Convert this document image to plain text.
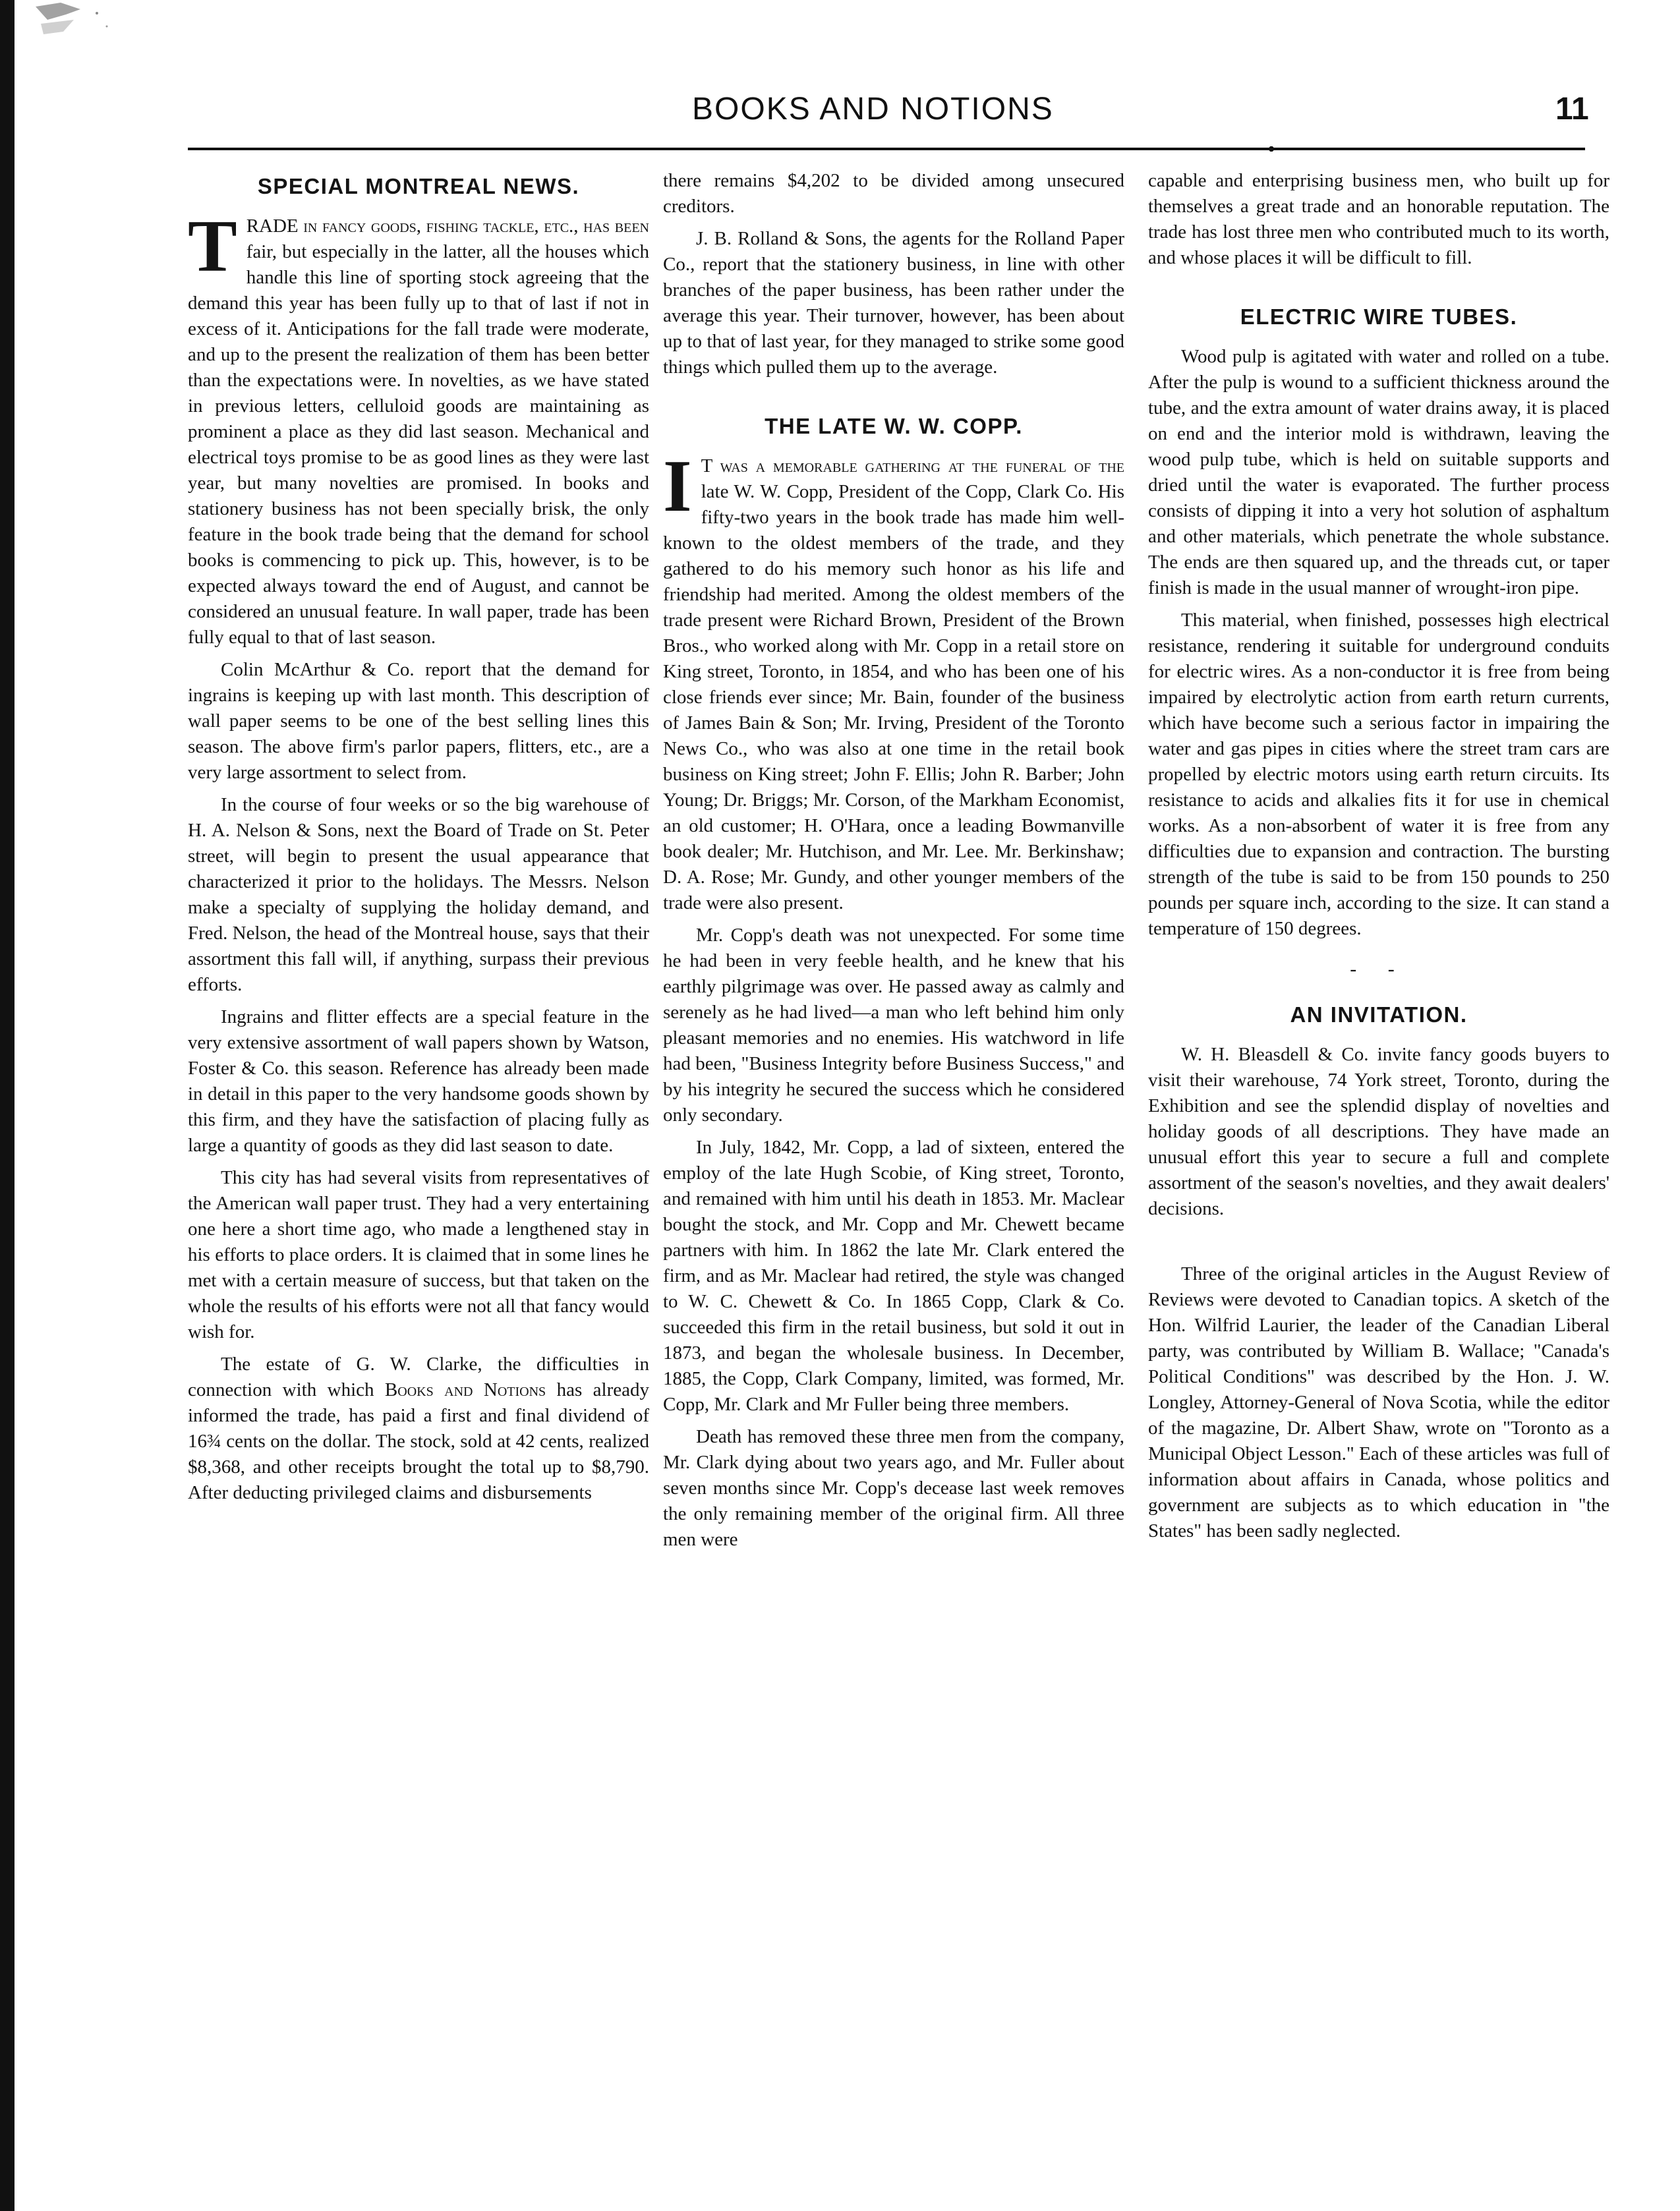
BOOKS AND NOTIONS	11
SPECIAL MONTREAL NEWS.

TRADE in fancy goods, fishing tackle, etc., has been fair, but especially in the latter, all the houses which handle this line of sporting stock agreeing that the demand this year has been fully up to that of last if not in excess of it. Anticipations for the fall trade were moderate, and up to the present the realization of them has been better than the expectations were. In novelties, as we have stated in previous letters, celluloid goods are maintaining as prominent a place as they did last season. Mechanical and electrical toys promise to be as good lines as they were last year, but many novelties are promised. In books and stationery business has not been specially brisk, the only feature in the book trade being that the demand for school books is commencing to pick up. This, however, is to be expected always toward the end of August, and cannot be considered an unusual feature. In wall paper, trade has been fully equal to that of last season.

Colin McArthur & Co. report that the demand for ingrains is keeping up with last month. This description of wall paper seems to be one of the best selling lines this season. The above firm's parlor papers, flitters, etc., are a very large assortment to select from.

In the course of four weeks or so the big warehouse of H. A. Nelson & Sons, next the Board of Trade on St. Peter street, will begin to present the usual appearance that characterized it prior to the holidays. The Messrs. Nelson make a specialty of supplying the holiday demand, and Fred. Nelson, the head of the Montreal house, says that their assortment this fall will, if anything, surpass their previous efforts.

Ingrains and flitter effects are a special feature in the very extensive assortment of wall papers shown by Watson, Foster & Co. this season. Reference has already been made in detail in this paper to the very handsome goods shown by this firm, and they have the satisfaction of placing fully as large a quantity of goods as they did last season to date.

This city has had several visits from representatives of the American wall paper trust. They had a very entertaining one here a short time ago, who made a lengthened stay in his efforts to place orders. It is claimed that in some lines he met with a certain measure of success, but that taken on the whole the results of his efforts were not all that fancy would wish for.

The estate of G. W. Clarke, the difficulties in connection with which Books and Notions has already informed the trade, has paid a first and final dividend of 16¾ cents on the dollar. The stock, sold at 42 cents, realized $8,368, and other receipts brought the total up to $8,790. After deducting privileged claims and disbursements

there remains $4,202 to be divided among unsecured creditors.

J. B. Rolland & Sons, the agents for the Rolland Paper Co., report that the stationery business, in line with other branches of the paper business, has been rather under the average this year. Their turnover, however, has been about up to that of last year, for they managed to strike some good things which pulled them up to the average.

THE LATE W. W. COPP.

I T was a memorable gathering at the funeral of the late W. W. Copp, President of the Copp, Clark Co. His fifty-two years in the book trade has made him well-known to the oldest members of the trade, and they gathered to do his memory such honor as his life and friendship had merited. Among the oldest members of the trade present were Richard Brown, President of the Brown Bros., who worked along with Mr. Copp in a retail store on King street, Toronto, in 1854, and who has been one of his close friends ever since; Mr. Bain, founder of the business of James Bain & Son; Mr. Irving, President of the Toronto News Co., who was also at one time in the retail book business on King street; John F. Ellis; John R. Barber; John Young; Dr. Briggs; Mr. Corson, of the Markham Economist, an old customer; H. O'Hara, once a leading Bowmanville book dealer; Mr. Hutchison, and Mr. Lee. Mr. Berkinshaw; D. A. Rose; Mr. Gundy, and other younger members of the trade were also present.

Mr. Copp's death was not unexpected. For some time he had been in very feeble health, and he knew that his earthly pilgrimage was over. He passed away as calmly and serenely as he had lived—a man who left behind him only pleasant memories and no enemies. His watchword in life had been, "Business Integrity before Business Success," and by his integrity he secured the success which he considered only secondary.

In July, 1842, Mr. Copp, a lad of sixteen, entered the employ of the late Hugh Scobie, of King street, Toronto, and remained with him until his death in 1853. Mr. Maclear bought the stock, and Mr. Copp and Mr. Chewett became partners with him. In 1862 the late Mr. Clark entered the firm, and as Mr. Maclear had retired, the style was changed to W. C. Chewett & Co. In 1865 Copp, Clark & Co. succeeded this firm in the retail business, but sold it out in 1873, and began the wholesale business. In December, 1885, the Copp, Clark Company, limited, was formed, Mr. Copp, Mr. Clark and Mr Fuller being three members.

Death has removed these three men from the company, Mr. Clark dying about two years ago, and Mr. Fuller about seven months since Mr. Copp's decease last week removes the only remaining member of the original firm. All three men were

capable and enterprising business men, who built up for themselves a great trade and an honorable reputation. The trade has lost three men who contributed much to its worth, and whose places it will be difficult to fill.

ELECTRIC WIRE TUBES.

Wood pulp is agitated with water and rolled on a tube. After the pulp is wound to a sufficient thickness around the tube, and the extra amount of water drains away, it is placed on end and the interior mold is withdrawn, leaving the wood pulp tube, which is held on suitable supports and dried until the water is evaporated. The further process consists of dipping it into a very hot solution of asphaltum and other materials, which penetrate the whole substance. The ends are then squared up, and the threads cut, or taper finish is made in the usual manner of wrought-iron pipe.

This material, when finished, possesses high electrical resistance, rendering it suitable for underground conduits for electric wires. As a non-conductor it is free from being impaired by electrolytic action from earth return currents, which have become such a serious factor in impairing the water and gas pipes in cities where the street tram cars are propelled by electric motors using earth return circuits. Its resistance to acids and alkalies fits it for use in chemical works. As a non-absorbent of water it is free from any difficulties due to expansion and contraction. The bursting strength of the tube is said to be from 150 pounds to 250 pounds per square inch, according to the size. It can stand a temperature of 150 degrees.

- -
AN INVITATION.

W. H. Bleasdell & Co. invite fancy goods buyers to visit their warehouse, 74 York street, Toronto, during the Exhibition and see the splendid display of novelties and holiday goods of all descriptions. They have made an unusual effort this year to secure a full and complete assortment of the season's novelties, and they await dealers' decisions.

Three of the original articles in the August Review of Reviews were devoted to Canadian topics. A sketch of the Hon. Wilfrid Laurier, the leader of the Canadian Liberal party, was contributed by William B. Wallace; "Canada's Political Conditions" was described by the Hon. J. W. Longley, Attorney-General of Nova Scotia, while the editor of the magazine, Dr. Albert Shaw, wrote on "Toronto as a Municipal Object Lesson." Each of these articles was full of information about affairs in Canada, whose politics and government are subjects as to which education in "the States" has been sadly neglected.
